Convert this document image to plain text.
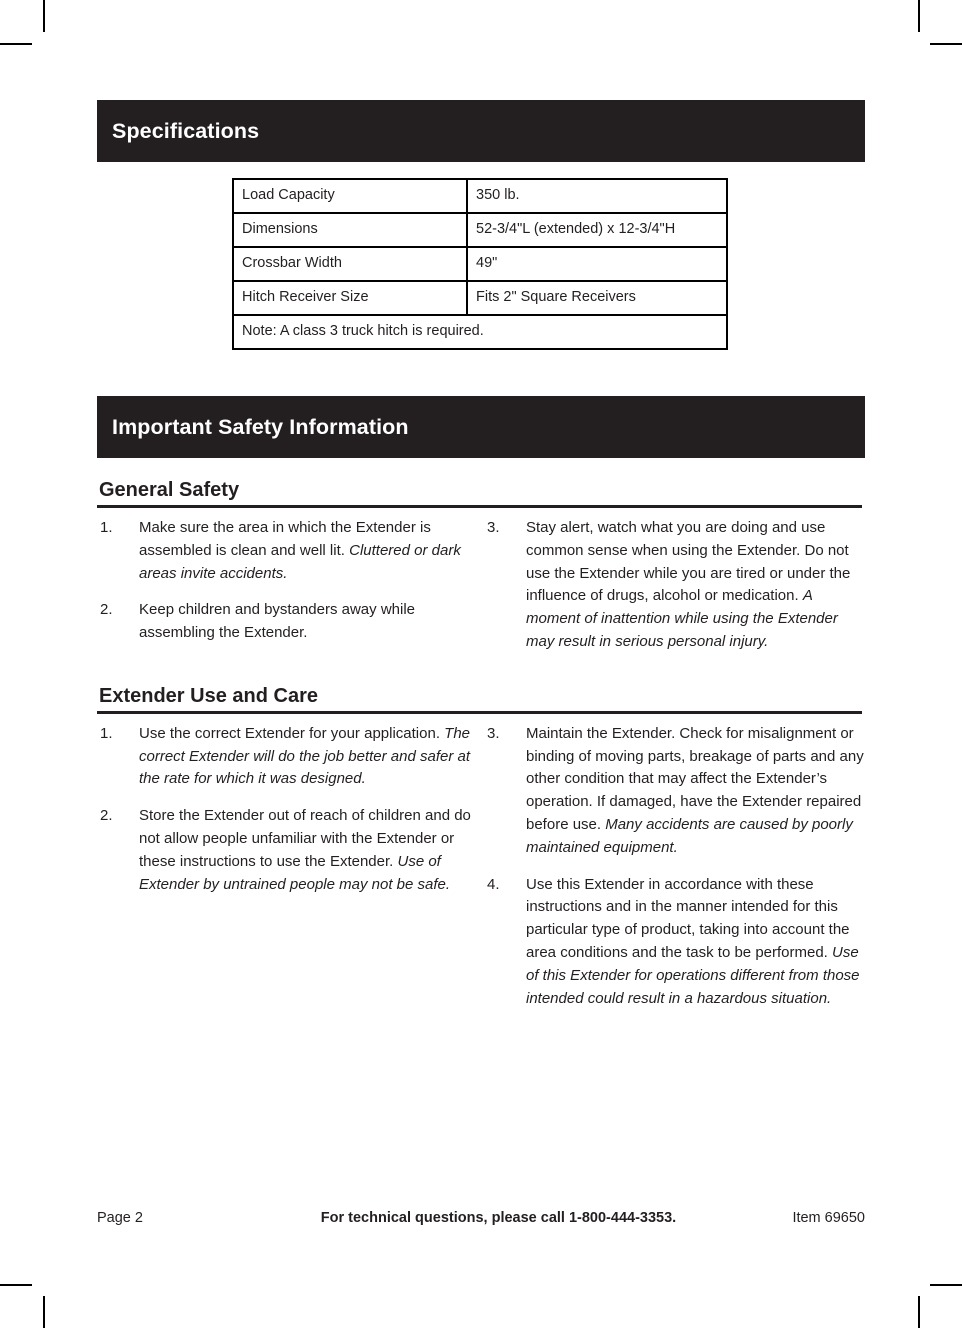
Specifications
Load Capacity	350 lb.
Dimensions	52-3/4"L (extended) x 12-3/4"H
Crossbar Width	49"
Hitch Receiver Size	Fits 2" Square Receivers
Note: A class 3 truck hitch is required.	
Important Safety Information
General Safety
1. Make sure the area in which the Extender is assembled is clean and well lit. Cluttered or dark areas invite accidents.
2. Keep children and bystanders away while assembling the Extender.
3. Stay alert, watch what you are doing and use common sense when using the Extender. Do not use the Extender while you are tired or under the influence of drugs, alcohol or medication. A moment of inattention while using the Extender may result in serious personal injury.
Extender Use and Care
1. Use the correct Extender for your application. The correct Extender will do the job better and safer at the rate for which it was designed.
2. Store the Extender out of reach of children and do not allow people unfamiliar with the Extender or these instructions to use the Extender. Use of Extender by untrained people may not be safe.
3. Maintain the Extender. Check for misalignment or binding of moving parts, breakage of parts and any other condition that may affect the Extender’s operation. If damaged, have the Extender repaired before use. Many accidents are caused by poorly maintained equipment.
4. Use this Extender in accordance with these instructions and in the manner intended for this particular type of product, taking into account the area conditions and the task to be performed. Use of this Extender for operations different from those intended could result in a hazardous situation.
Page 2	For technical questions, please call 1-800-444-3353.	Item 69650
